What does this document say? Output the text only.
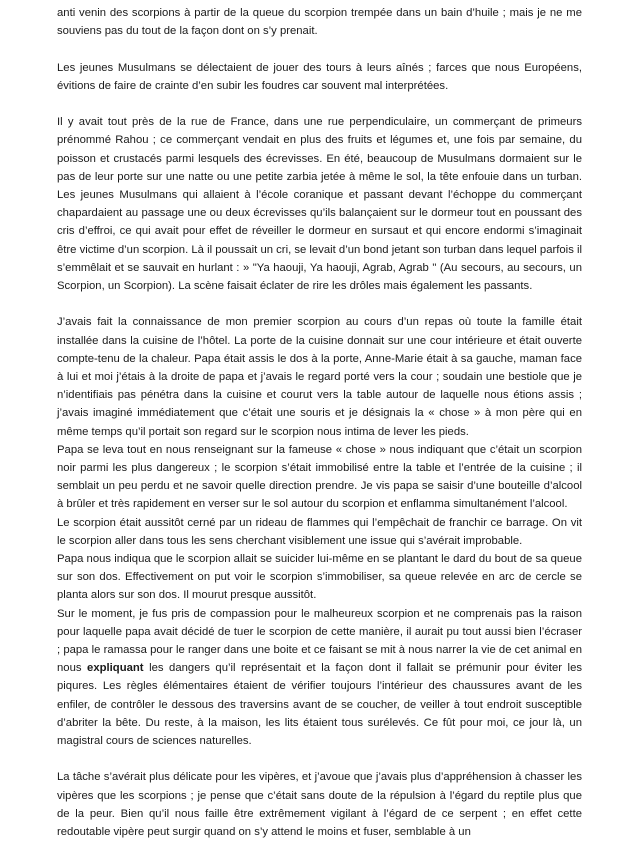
anti venin des scorpions à partir de la queue du scorpion trempée dans un bain d’huile ; mais je ne me souviens pas du tout de la façon dont on s’y prenait.

Les jeunes Musulmans se délectaient de jouer des tours à leurs aînés ; farces que nous Européens, évitions de faire de crainte d’en subir les foudres car souvent mal interprétées.

Il y avait tout près de la rue de France, dans une rue perpendiculaire, un commerçant de primeurs prénommé Rahou ; ce commerçant vendait en plus des fruits et légumes et, une fois par semaine, du poisson et crustacés parmi lesquels des écrevisses. En été, beaucoup de Musulmans dormaient sur le pas de leur porte sur une natte ou une petite zarbia jetée à même le sol, la tête enfouie dans un turban. Les jeunes Musulmans qui allaient à l’école coranique et passant devant l’échoppe du commerçant chapardaient au passage une ou deux écrevisses qu’ils balançaient sur le dormeur tout en poussant des cris d’effroi, ce qui avait pour effet de réveiller le dormeur en sursaut et qui encore endormi s’imaginait être victime d’un scorpion. Là il poussait un cri, se levait d’un bond jetant son turban dans lequel parfois il s’emmêlait et se sauvait en hurlant : » "Ya haouji, Ya haouji, Agrab, Agrab " (Au secours, au secours, un Scorpion, un Scorpion). La scène faisait éclater de rire les drôles mais également les passants.

J’avais fait la connaissance de mon premier scorpion au cours d’un repas où toute la famille était installée dans la cuisine de l’hôtel. La porte de la cuisine donnait sur une cour intérieure et était ouverte compte-tenu de la chaleur. Papa était assis le dos à la porte, Anne-Marie était à sa gauche, maman face à lui et moi j’étais à la droite de papa et j’avais le regard porté vers la cour ; soudain une bestiole que je n’identifiais pas pénétra dans la cuisine et courut vers la table autour de laquelle nous étions assis ; j’avais imaginé immédiatement que c’était une souris et je désignais la « chose » à mon père qui en même temps qu’il portait son regard sur le scorpion nous intima de lever les pieds.

Papa se leva tout en nous renseignant sur la fameuse « chose » nous indiquant que c’était un scorpion noir parmi les plus dangereux ; le scorpion s’était immobilisé entre la table et l’entrée de la cuisine ; il semblait un peu perdu et ne savoir quelle direction prendre. Je vis papa se saisir d’une bouteille d’alcool à brûler et très rapidement en verser sur le sol autour du scorpion et enflamma simultanément l’alcool.

Le scorpion était aussitôt cerné par un rideau de flammes qui l’empêchait de franchir ce barrage. On vit le scorpion aller dans tous les sens cherchant visiblement une issue qui s’avérait improbable.

Papa nous indiqua que le scorpion allait se suicider lui-même en se plantant le dard du bout de sa queue sur son dos. Effectivement on put voir le scorpion s’immobiliser, sa queue relevée en arc de cercle se planta alors sur son dos. Il mourut presque aussitôt.

Sur le moment, je fus pris de compassion pour le malheureux scorpion et ne comprenais pas la raison pour laquelle papa avait décidé de tuer le scorpion de cette manière, il aurait pu tout aussi bien l’écraser ; papa le ramassa pour le ranger dans une boite et ce faisant se mit à nous narrer la vie de cet animal en nous expliquant les dangers qu’il représentait et la façon dont il fallait se prémunir pour éviter les piqures. Les règles élémentaires étaient de vérifier toujours l’intérieur des chaussures avant de les enfiler, de contrôler le dessous des traversins avant de se coucher, de veiller à tout endroit susceptible d’abriter la bête. Du reste, à la maison, les lits étaient tous surélevés. Ce fût pour moi, ce jour là, un magistral cours de sciences naturelles.

La tâche s’avérait plus délicate pour les vipères, et j’avoue que j’avais plus d’appréhension à chasser les vipères que les scorpions ; je pense que c’était sans doute de la répulsion à l’égard du reptile plus que de la peur. Bien qu’il nous faille être extrêmement vigilant à l’égard de ce serpent ; en effet cette redoutable vipère peut surgir quand on s’y attend le moins et fuser, semblable à un
